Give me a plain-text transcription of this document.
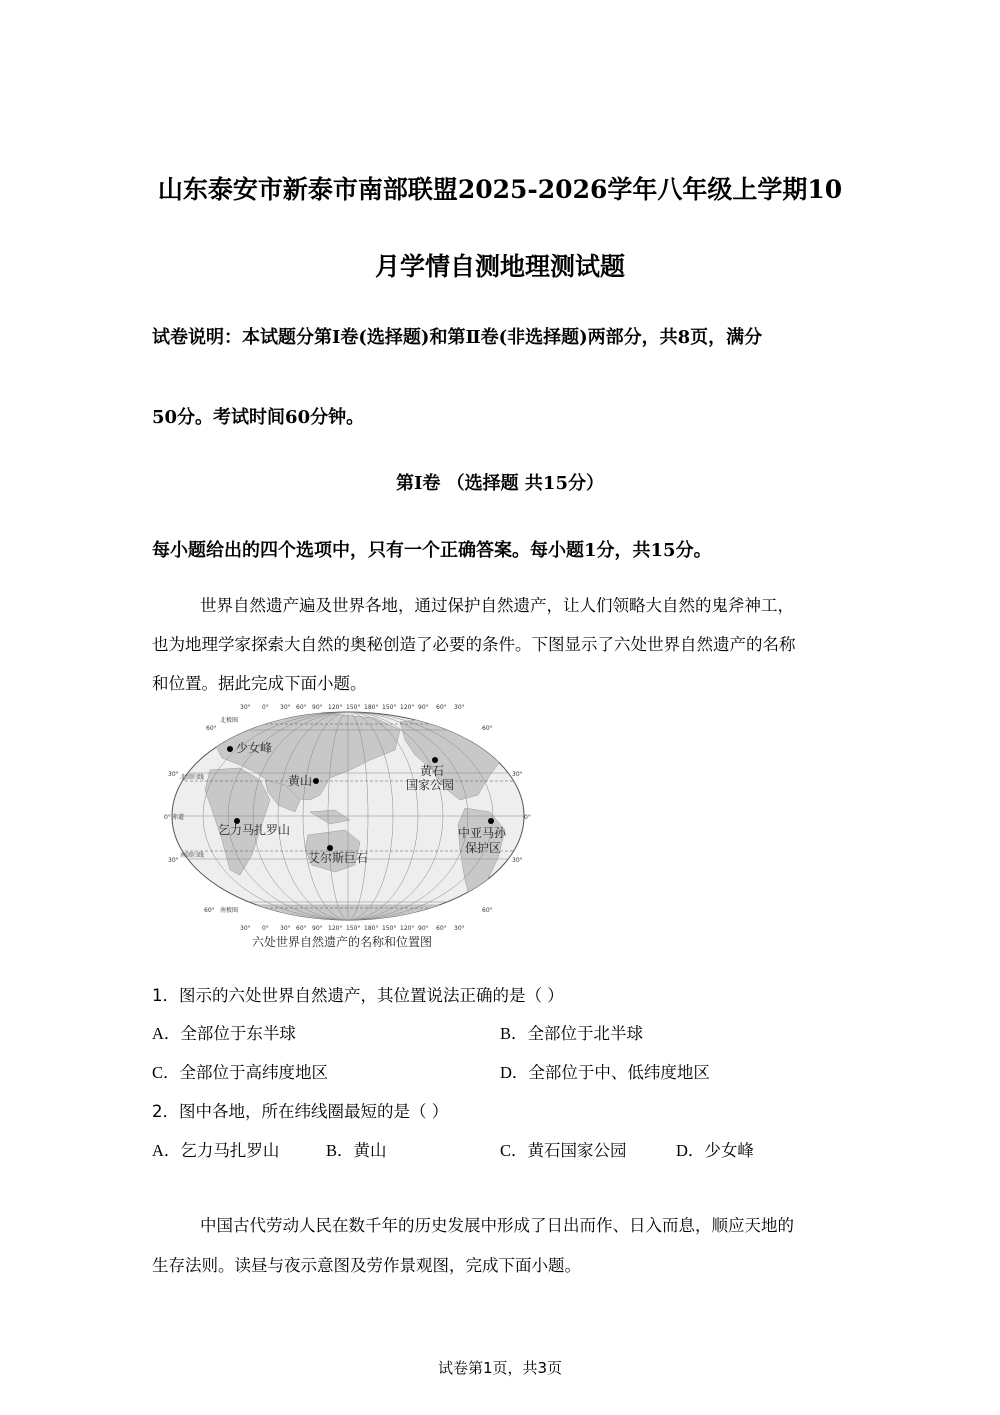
山东泰安市新泰市南部联盟2025-2026学年八年级上学期10
月学情自测地理测试题
试卷说明：本试题分第Ⅰ卷(选择题)和第Ⅱ卷(非选择题)两部分，共8页，满分
50分。考试时间60分钟。
第Ⅰ卷 （选择题 共15分）
每小题给出的四个选项中，只有一个正确答案。每小题1分，共15分。
世界自然遗产遍及世界各地，通过保护自然遗产，让人们领略大自然的鬼斧神工，
也为地理学家探索大自然的奥秘创造了必要的条件。下图显示了六处世界自然遗产的名称
和位置。据此完成下面小题。
北极圈
北回归线
赤道
南回归线
南极圈
30° 0° 30° 60° 90° 120° 150° 180° 150° 120° 90° 60° 30°
30° 0° 30° 60° 90° 120° 150° 180° 150° 120° 90° 60° 30°
60°
30°
0°
30°
60°
60°
30°
0°
30°
60°
少女峰
黄山
黄石
国家公园
乞力马扎罗山
艾尔斯巨石
中亚马孙
保护区
六处世界自然遗产的名称和位置图
1．图示的六处世界自然遗产，其位置说法正确的是（ ）
A．全部位于东半球	B．全部位于北半球
C．全部位于高纬度地区	D．全部位于中、低纬度地区
2．图中各地，所在纬线圈最短的是（ ）
A．乞力马扎罗山	B．黄山	C．黄石国家公园	D．少女峰
中国古代劳动人民在数千年的历史发展中形成了日出而作、日入而息，顺应天地的
生存法则。读昼与夜示意图及劳作景观图，完成下面小题。
试卷第1页，共3页
